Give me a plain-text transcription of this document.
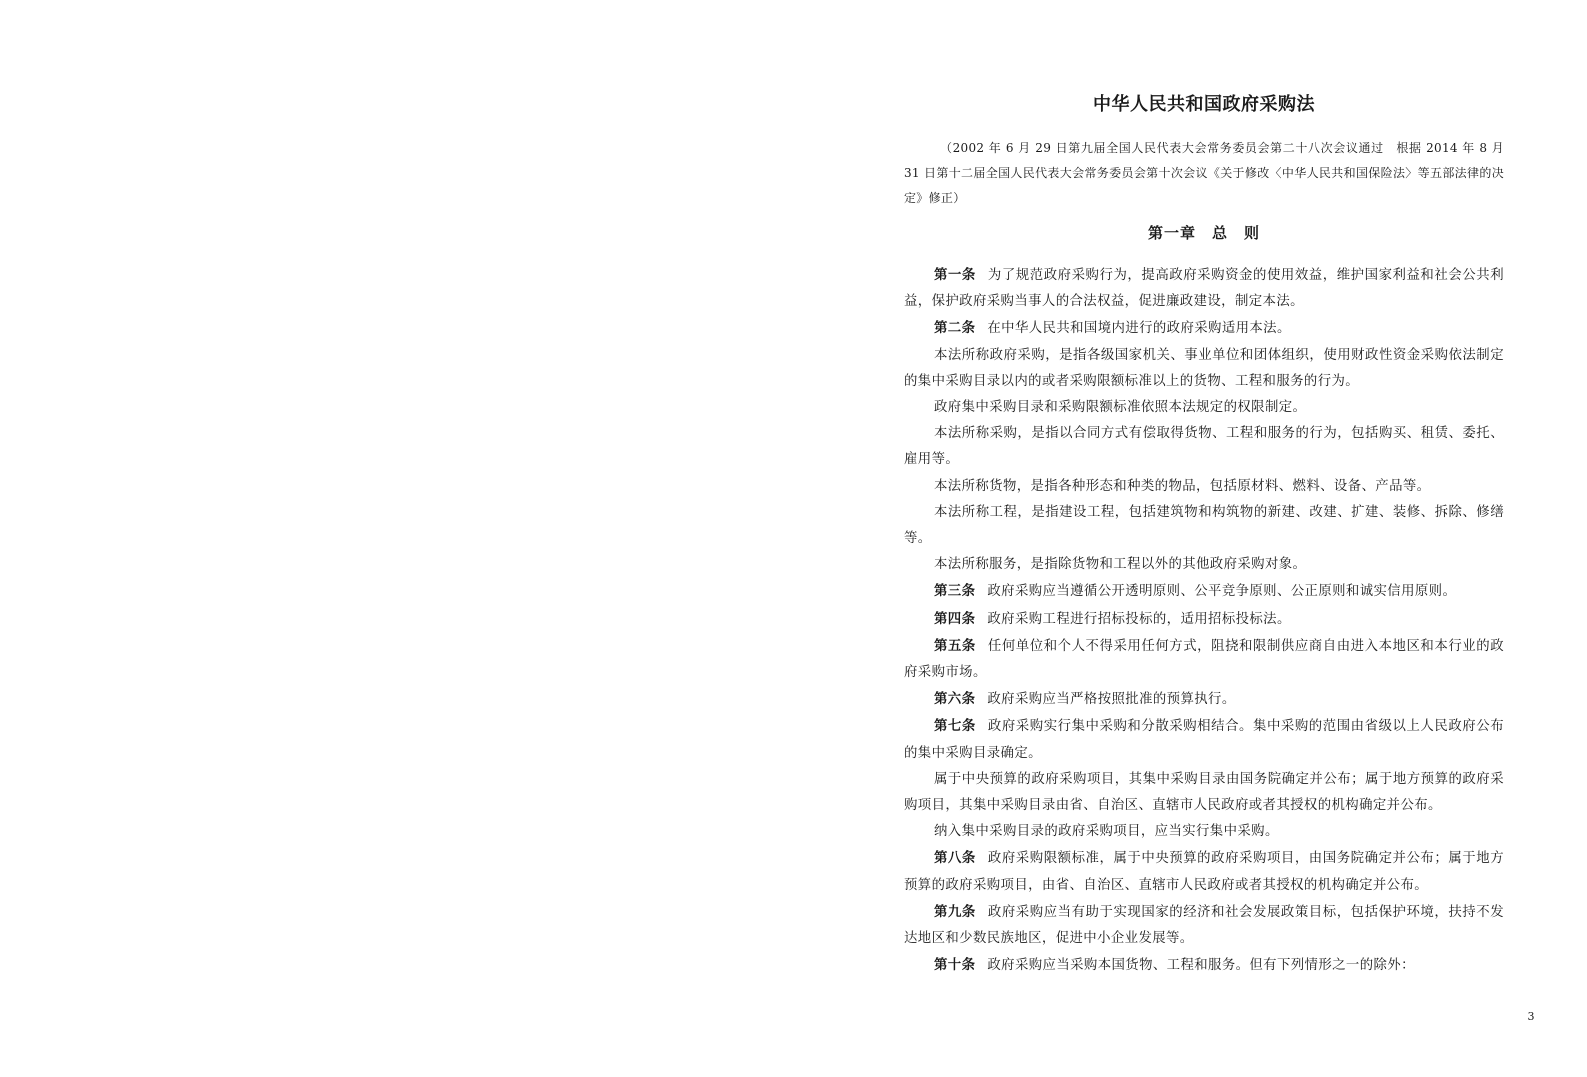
中华人民共和国政府采购法

（2002 年 6 月 29 日第九届全国人民代表大会常务委员会第二十八次会议通过　根据 2014 年 8 月 31 日第十二届全国人民代表大会常务委员会第十次会议《关于修改〈中华人民共和国保险法〉等五部法律的决定》修正）

第一章　总　则

第一条 为了规范政府采购行为，提高政府采购资金的使用效益，维护国家利益和社会公共利益，保护政府采购当事人的合法权益，促进廉政建设，制定本法。

第二条 在中华人民共和国境内进行的政府采购适用本法。

本法所称政府采购，是指各级国家机关、事业单位和团体组织，使用财政性资金采购依法制定的集中采购目录以内的或者采购限额标准以上的货物、工程和服务的行为。

政府集中采购目录和采购限额标准依照本法规定的权限制定。

本法所称采购，是指以合同方式有偿取得货物、工程和服务的行为，包括购买、租赁、委托、雇用等。

本法所称货物，是指各种形态和种类的物品，包括原材料、燃料、设备、产品等。

本法所称工程，是指建设工程，包括建筑物和构筑物的新建、改建、扩建、装修、拆除、修缮等。

本法所称服务，是指除货物和工程以外的其他政府采购对象。

第三条 政府采购应当遵循公开透明原则、公平竞争原则、公正原则和诚实信用原则。

第四条 政府采购工程进行招标投标的，适用招标投标法。

第五条 任何单位和个人不得采用任何方式，阻挠和限制供应商自由进入本地区和本行业的政府采购市场。

第六条 政府采购应当严格按照批准的预算执行。

第七条 政府采购实行集中采购和分散采购相结合。集中采购的范围由省级以上人民政府公布的集中采购目录确定。

属于中央预算的政府采购项目，其集中采购目录由国务院确定并公布；属于地方预算的政府采购项目，其集中采购目录由省、自治区、直辖市人民政府或者其授权的机构确定并公布。

纳入集中采购目录的政府采购项目，应当实行集中采购。

第八条 政府采购限额标准，属于中央预算的政府采购项目，由国务院确定并公布；属于地方预算的政府采购项目，由省、自治区、直辖市人民政府或者其授权的机构确定并公布。

第九条 政府采购应当有助于实现国家的经济和社会发展政策目标，包括保护环境，扶持不发达地区和少数民族地区，促进中小企业发展等。

第十条 政府采购应当采购本国货物、工程和服务。但有下列情形之一的除外：

3
